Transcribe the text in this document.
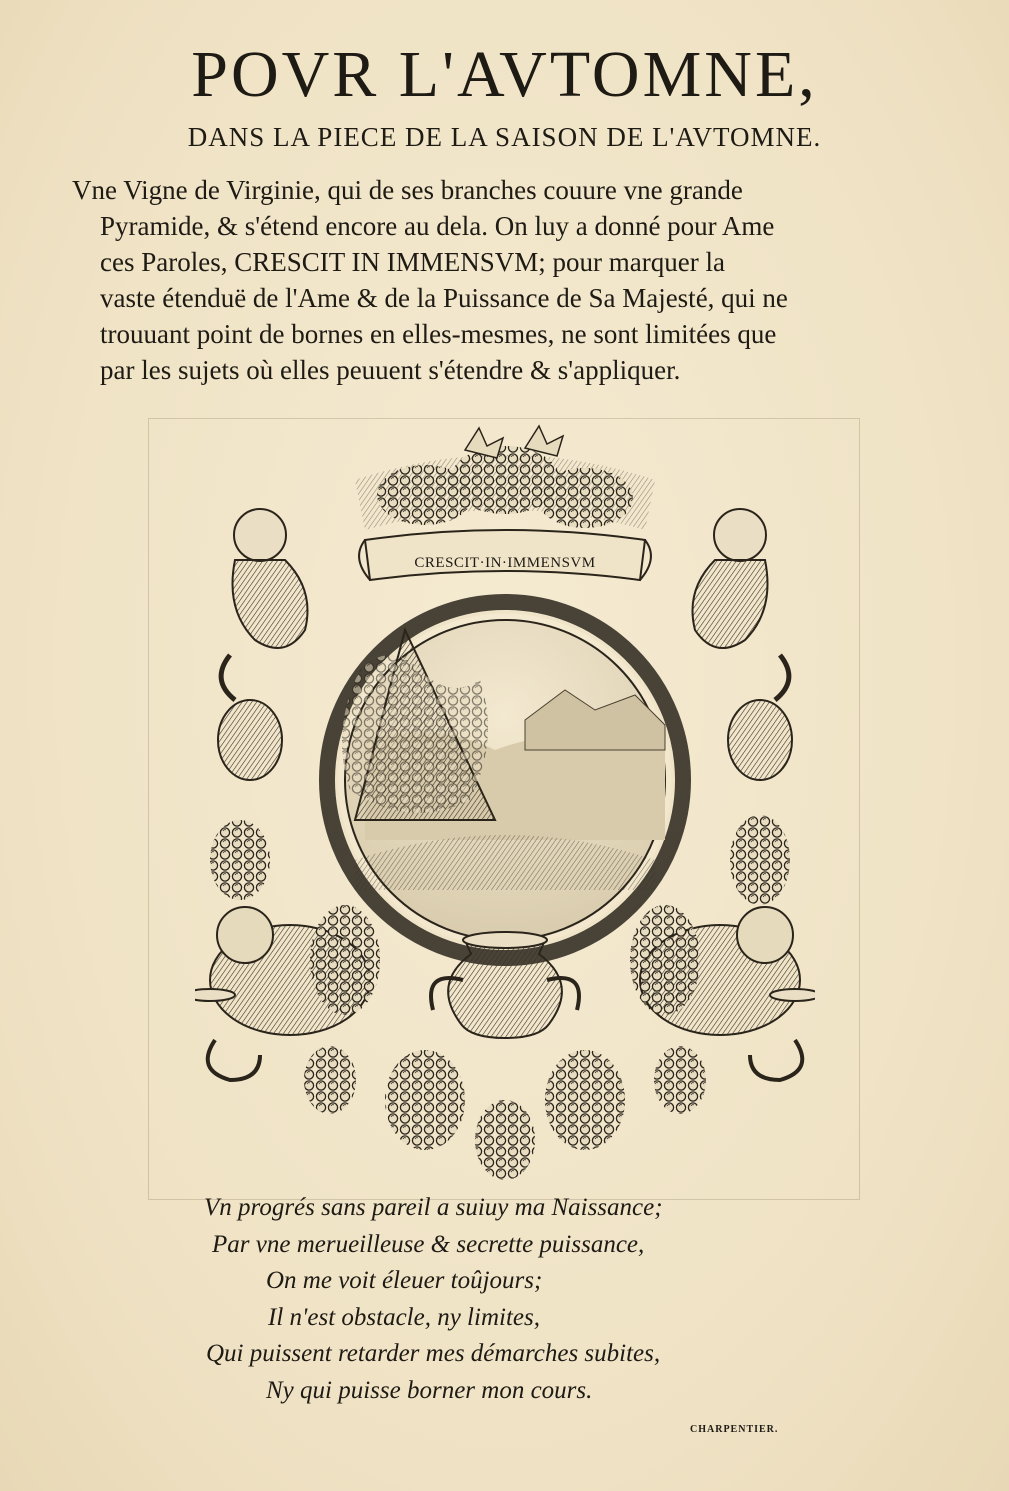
POVR L'AVTOMNE,
DANS LA PIECE DE LA SAISON DE L'AVTOMNE.
Vne Vigne de Virginie, qui de ses branches couure vne grande
Pyramide, & s'étend encore au dela. On luy a donné pour Ame
ces Paroles, CRESCIT IN IMMENSVM; pour marquer la
vaste étenduë de l'Ame & de la Puissance de Sa Majesté, qui ne
trouuant point de bornes en elles-mesmes, ne sont limitées que
par les sujets où elles peuuent s'étendre & s'appliquer.
CRESCIT·IN·IMMENSVM
Vn progrés sans pareil a suiuy ma Naissance;
Par vne merueilleuse & secrette puissance,
On me voit éleuer toûjours;
Il n'est obstacle, ny limites,
Qui puissent retarder mes démarches subites,
Ny qui puisse borner mon cours.
CHARPENTIER.
